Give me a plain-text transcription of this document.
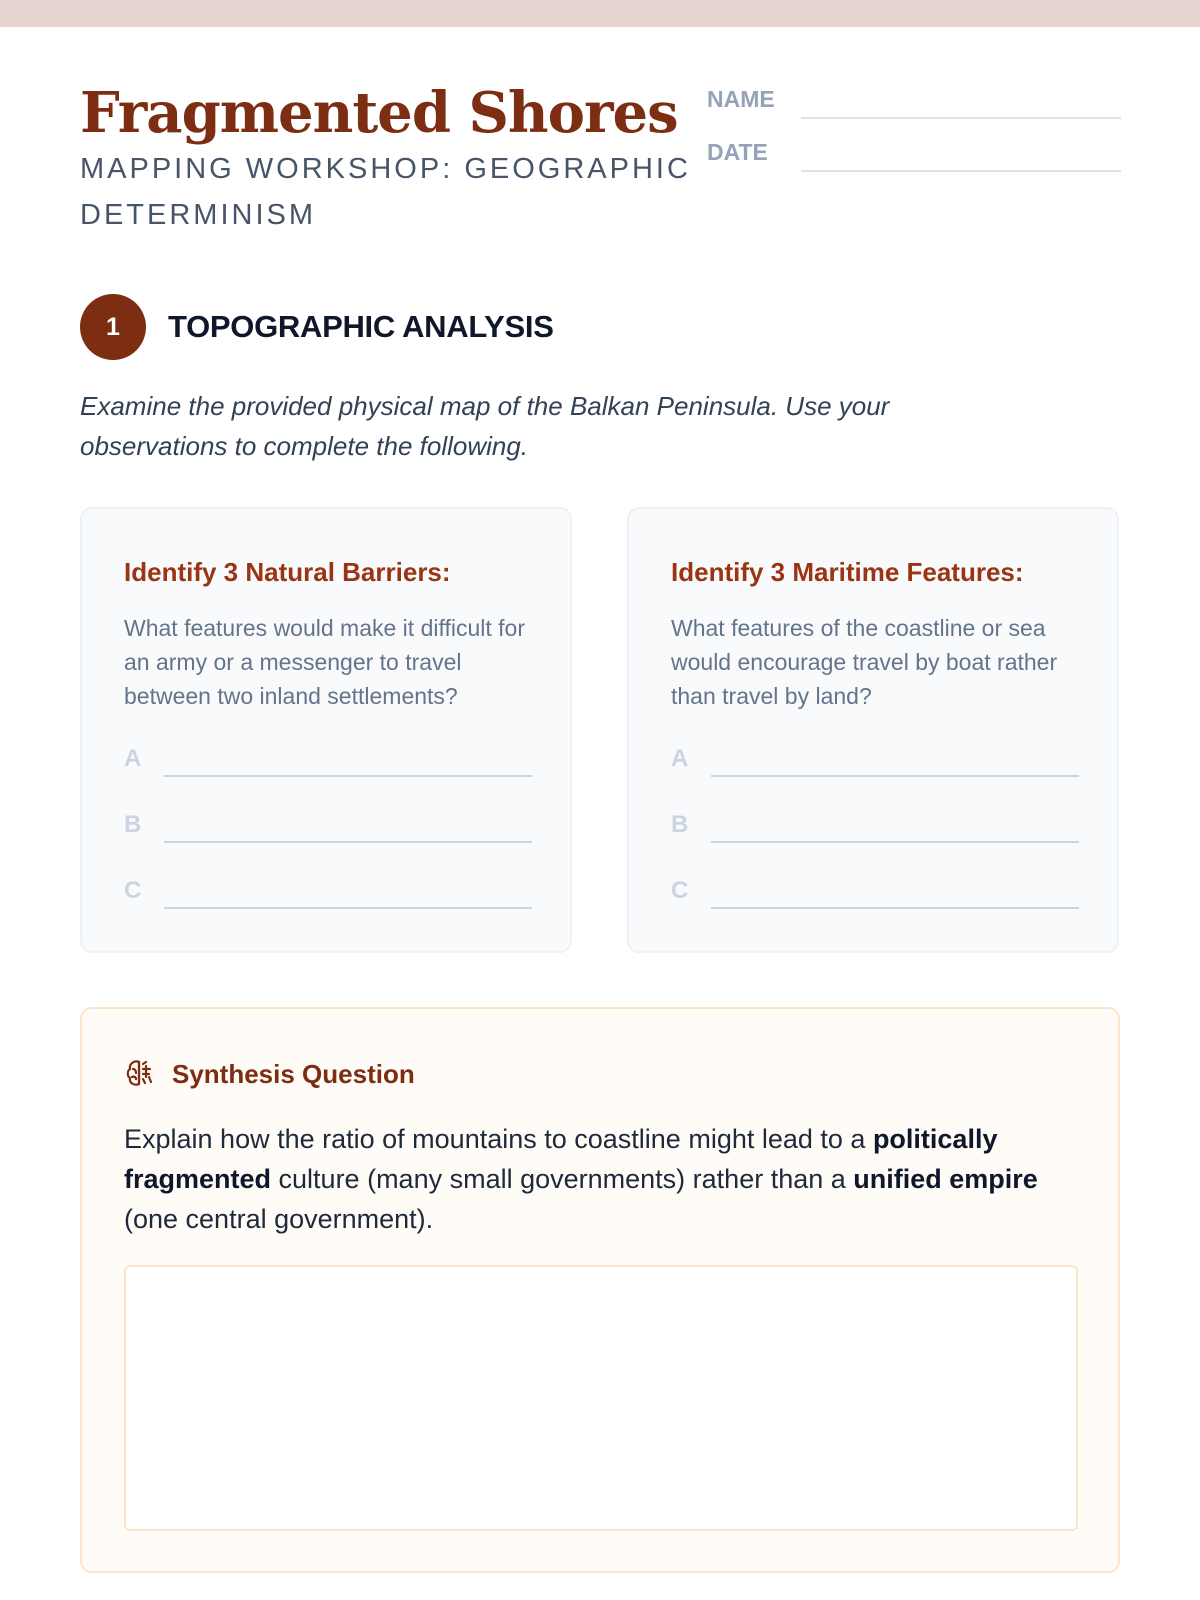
Fragmented Shores
MAPPING WORKSHOP: GEOGRAPHIC DETERMINISM
NAME
DATE
1	TOPOGRAPHIC ANALYSIS

Examine the provided physical map of the Balkan Peninsula. Use your observations to complete the following.

Identify 3 Natural Barriers:
What features would make it difficult for an army or a messenger to travel between two inland settlements?
A
B
C
Identify 3 Maritime Features:
What features of the coastline or sea would encourage travel by boat rather than travel by land?
A
B
C
Synthesis Question

Explain how the ratio of mountains to coastline might lead to a politically fragmented culture (many small governments) rather than a unified empire (one central government).
